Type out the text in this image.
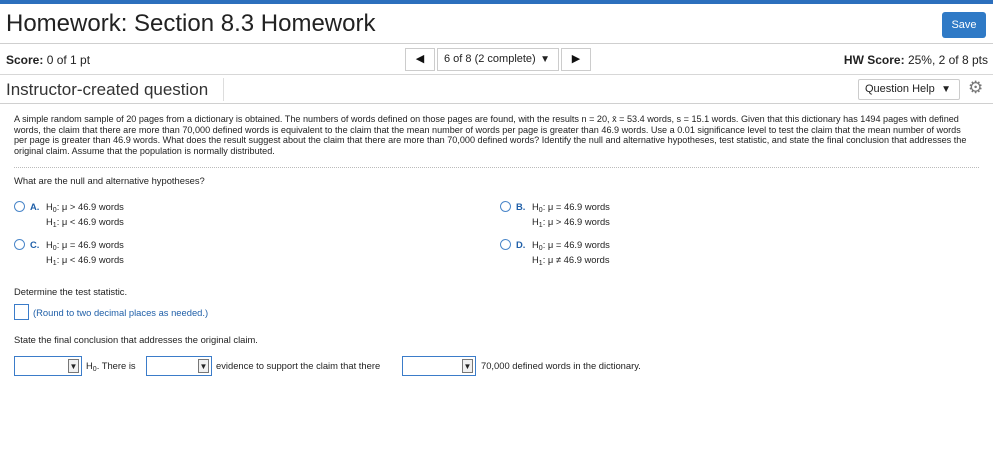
Homework: Section 8.3 Homework	Save
Score: 0 of 1 pt	◀	6 of 8 (2 complete) ▼	▶	HW Score: 25%, 2 of 8 pts
Instructor-created question	Question Help ▼ ⚙
A simple random sample of 20 pages from a dictionary is obtained. The numbers of words defined on those pages are found, with the results n = 20, x̄ = 53.4 words, s = 15.1 words. Given that this dictionary has 1494 pages with defined words, the claim that there are more than 70,000 defined words is equivalent to the claim that the mean number of words per page is greater than 46.9 words. Use a 0.01 significance level to test the claim that the mean number of words per page is greater than 46.9 words. What does the result suggest about the claim that there are more than 70,000 defined words? Identify the null and alternative hypotheses, test statistic, and state the final conclusion that addresses the original claim. Assume that the population is normally distributed.
What are the null and alternative hypotheses?
A. $H_0$: μ > 46.9 words
$H_1$: μ < 46.9 words
B. $H_0$: μ = 46.9 words
$H_1$: μ > 46.9 words
C. $H_0$: μ = 46.9 words
$H_1$: μ < 46.9 words
D. $H_0$: μ = 46.9 words
$H_1$: μ ≠ 46.9 words
Determine the test statistic.
(Round to two decimal places as needed.)
State the final conclusion that addresses the original claim.
▼ $H_0$. There is	▼ evidence to support the claim that there	▼ 70,000 defined words in the dictionary.
